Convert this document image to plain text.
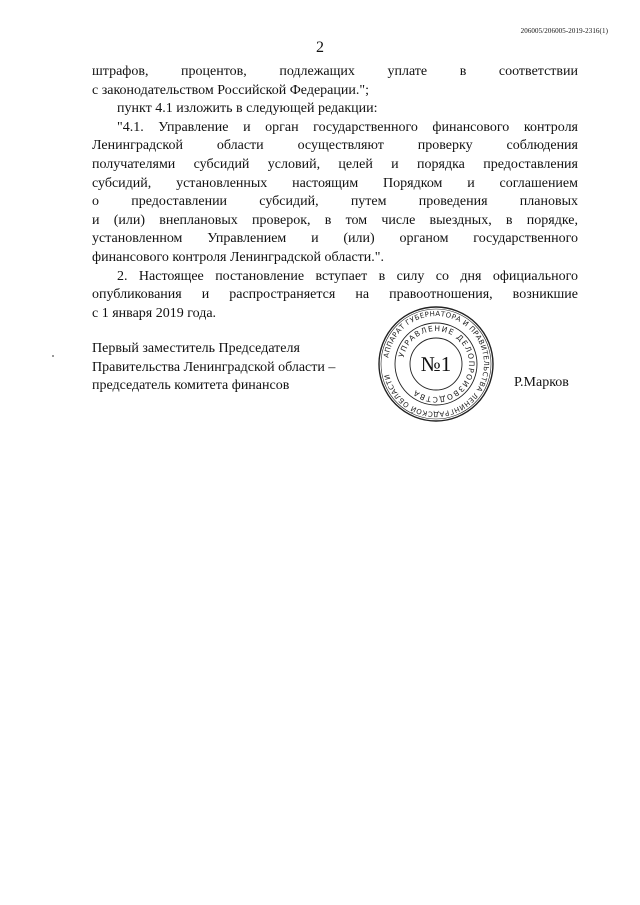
206005/206005-2019-2316(1)
2

штрафов, процентов, подлежащих уплате в соответствии
с законодательством Российской Федерации.";

пункт 4.1 изложить в следующей редакции:

"4.1. Управление и орган государственного финансового контроля
Ленинградской области осуществляют проверку соблюдения
получателями субсидий условий, целей и порядка предоставления
субсидий, установленных настоящим Порядком и соглашением
о предоставлении субсидий, путем проведения плановых
и (или) внеплановых проверок, в том числе выездных, в порядке,
установленном Управлением и (или) органом государственного
финансового контроля Ленинградской области.".

2. Настоящее постановление вступает в силу со дня официального
опубликования и распространяется на правоотношения, возникшие
с 1 января 2019 года.

Первый заместитель Председателя
Правительства Ленинградской области –
председатель комитета финансов	Р.Марков
АППАРАТ ГУБЕРНАТОРА И ПРАВИТЕЛЬСТВА ЛЕНИНГРАДСКОЙ ОБЛАСТИ
УПРАВЛЕНИЕ ДЕЛОПРОИЗВОДСТВА
№1
